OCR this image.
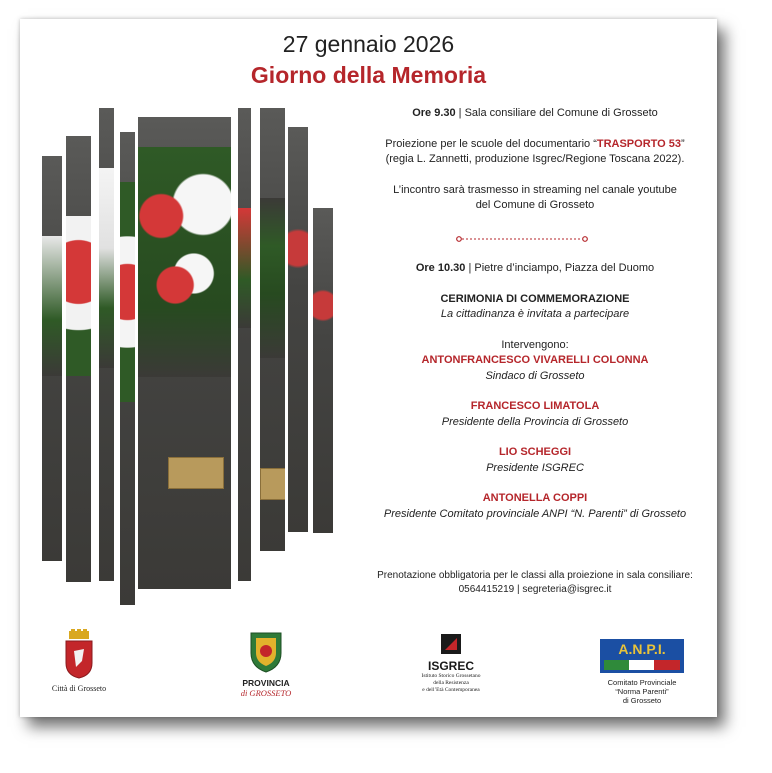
27 gennaio 2026
Giorno della Memoria
Ore 9.30 | Sala consiliare del Comune di Grosseto
Proiezione per le scuole del documentario “TRASPORTO 53”
(regia L. Zannetti, produzione Isgrec/Regione Toscana 2022).
L’incontro sarà trasmesso in streaming nel canale youtube
del Comune di Grosseto
Ore 10.30 | Pietre d’inciampo, Piazza del Duomo
CERIMONIA DI COMMEMORAZIONE
La cittadinanza è invitata a partecipare
Intervengono:
ANTONFRANCESCO VIVARELLI COLONNA
Sindaco di Grosseto
FRANCESCO LIMATOLA
Presidente della Provincia di Grosseto
LIO SCHEGGI
Presidente ISGREC
ANTONELLA COPPI
Presidente Comitato provinciale ANPI “N. Parenti” di Grosseto
Prenotazione obbligatoria per le classi alla proiezione in sala consiliare:
0564415219 | segreteria@isgrec.it
Città di Grosseto
PROVINCIA
di GROSSETO
ISGREC
Istituto Storico Grossetano
della Resistenza
e dell’Età Contemporanea
A.N.P.I.
Comitato Provinciale
“Norma Parenti”
di Grosseto
